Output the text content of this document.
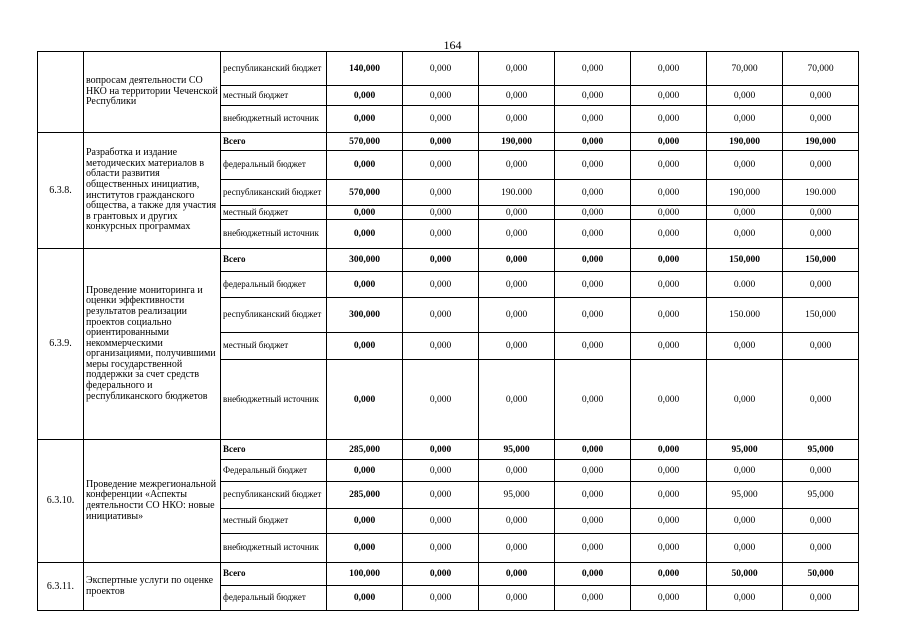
164
	вопросам деятельности СО НКО на территории Чеченской Республики	республиканский бюджет	140,000	0,000	0,000	0,000	0,000	70,000	70,000
		местный бюджет	0,000	0,000	0,000	0,000	0,000	0,000	0,000
		внебюджетный источник	0,000	0,000	0,000	0,000	0,000	0,000	0,000
6.3.8.	Разработка и издание методических материалов в области развития общественных инициатив, институтов гражданского общества, а также для участия в грантовых и других конкурсных программах	Всего	570,000	0,000	190,000	0,000	0,000	190,000	190,000
		федеральный бюджет	0,000	0,000	0,000	0,000	0,000	0,000	0,000
		республиканский бюджет	570,000	0,000	190.000	0,000	0,000	190,000	190.000
		местный бюджет	0,000	0,000	0,000	0,000	0,000	0,000	0,000
		внебюджетный источник	0,000	0,000	0,000	0,000	0,000	0,000	0,000
6.3.9.	Проведение мониторинга и оценки эффективности результатов реализации проектов социально ориентированными некоммерческими организациями, получившими меры государственной поддержки за счет средств федерального и республиканского бюджетов	Всего	300,000	0,000	0,000	0,000	0,000	150,000	150,000
		федеральный бюджет	0,000	0,000	0,000	0,000	0,000	0.000	0,000
		республиканский бюджет	300,000	0,000	0,000	0,000	0,000	150.000	150,000
		местный бюджет	0,000	0,000	0,000	0,000	0,000	0,000	0,000
		внебюджетный источник	0,000	0,000	0,000	0,000	0,000	0,000	0,000
6.3.10.	Проведение межрегиональной конференции «Аспекты деятельности СО НКО: новые инициативы»	Всего	285,000	0,000	95,000	0,000	0,000	95,000	95,000
		Федеральный бюджет	0,000	0,000	0,000	0,000	0,000	0,000	0,000
		республиканский бюджет	285,000	0,000	95,000	0,000	0,000	95,000	95,000
		местный бюджет	0,000	0,000	0,000	0,000	0,000	0,000	0,000
		внебюджетный источник	0,000	0,000	0,000	0,000	0,000	0,000	0,000
6.3.11.	Экспертные услуги по оценке проектов	Всего	100,000	0,000	0,000	0,000	0,000	50,000	50,000
		федеральный бюджет	0,000	0,000	0,000	0,000	0,000	0,000	0,000
